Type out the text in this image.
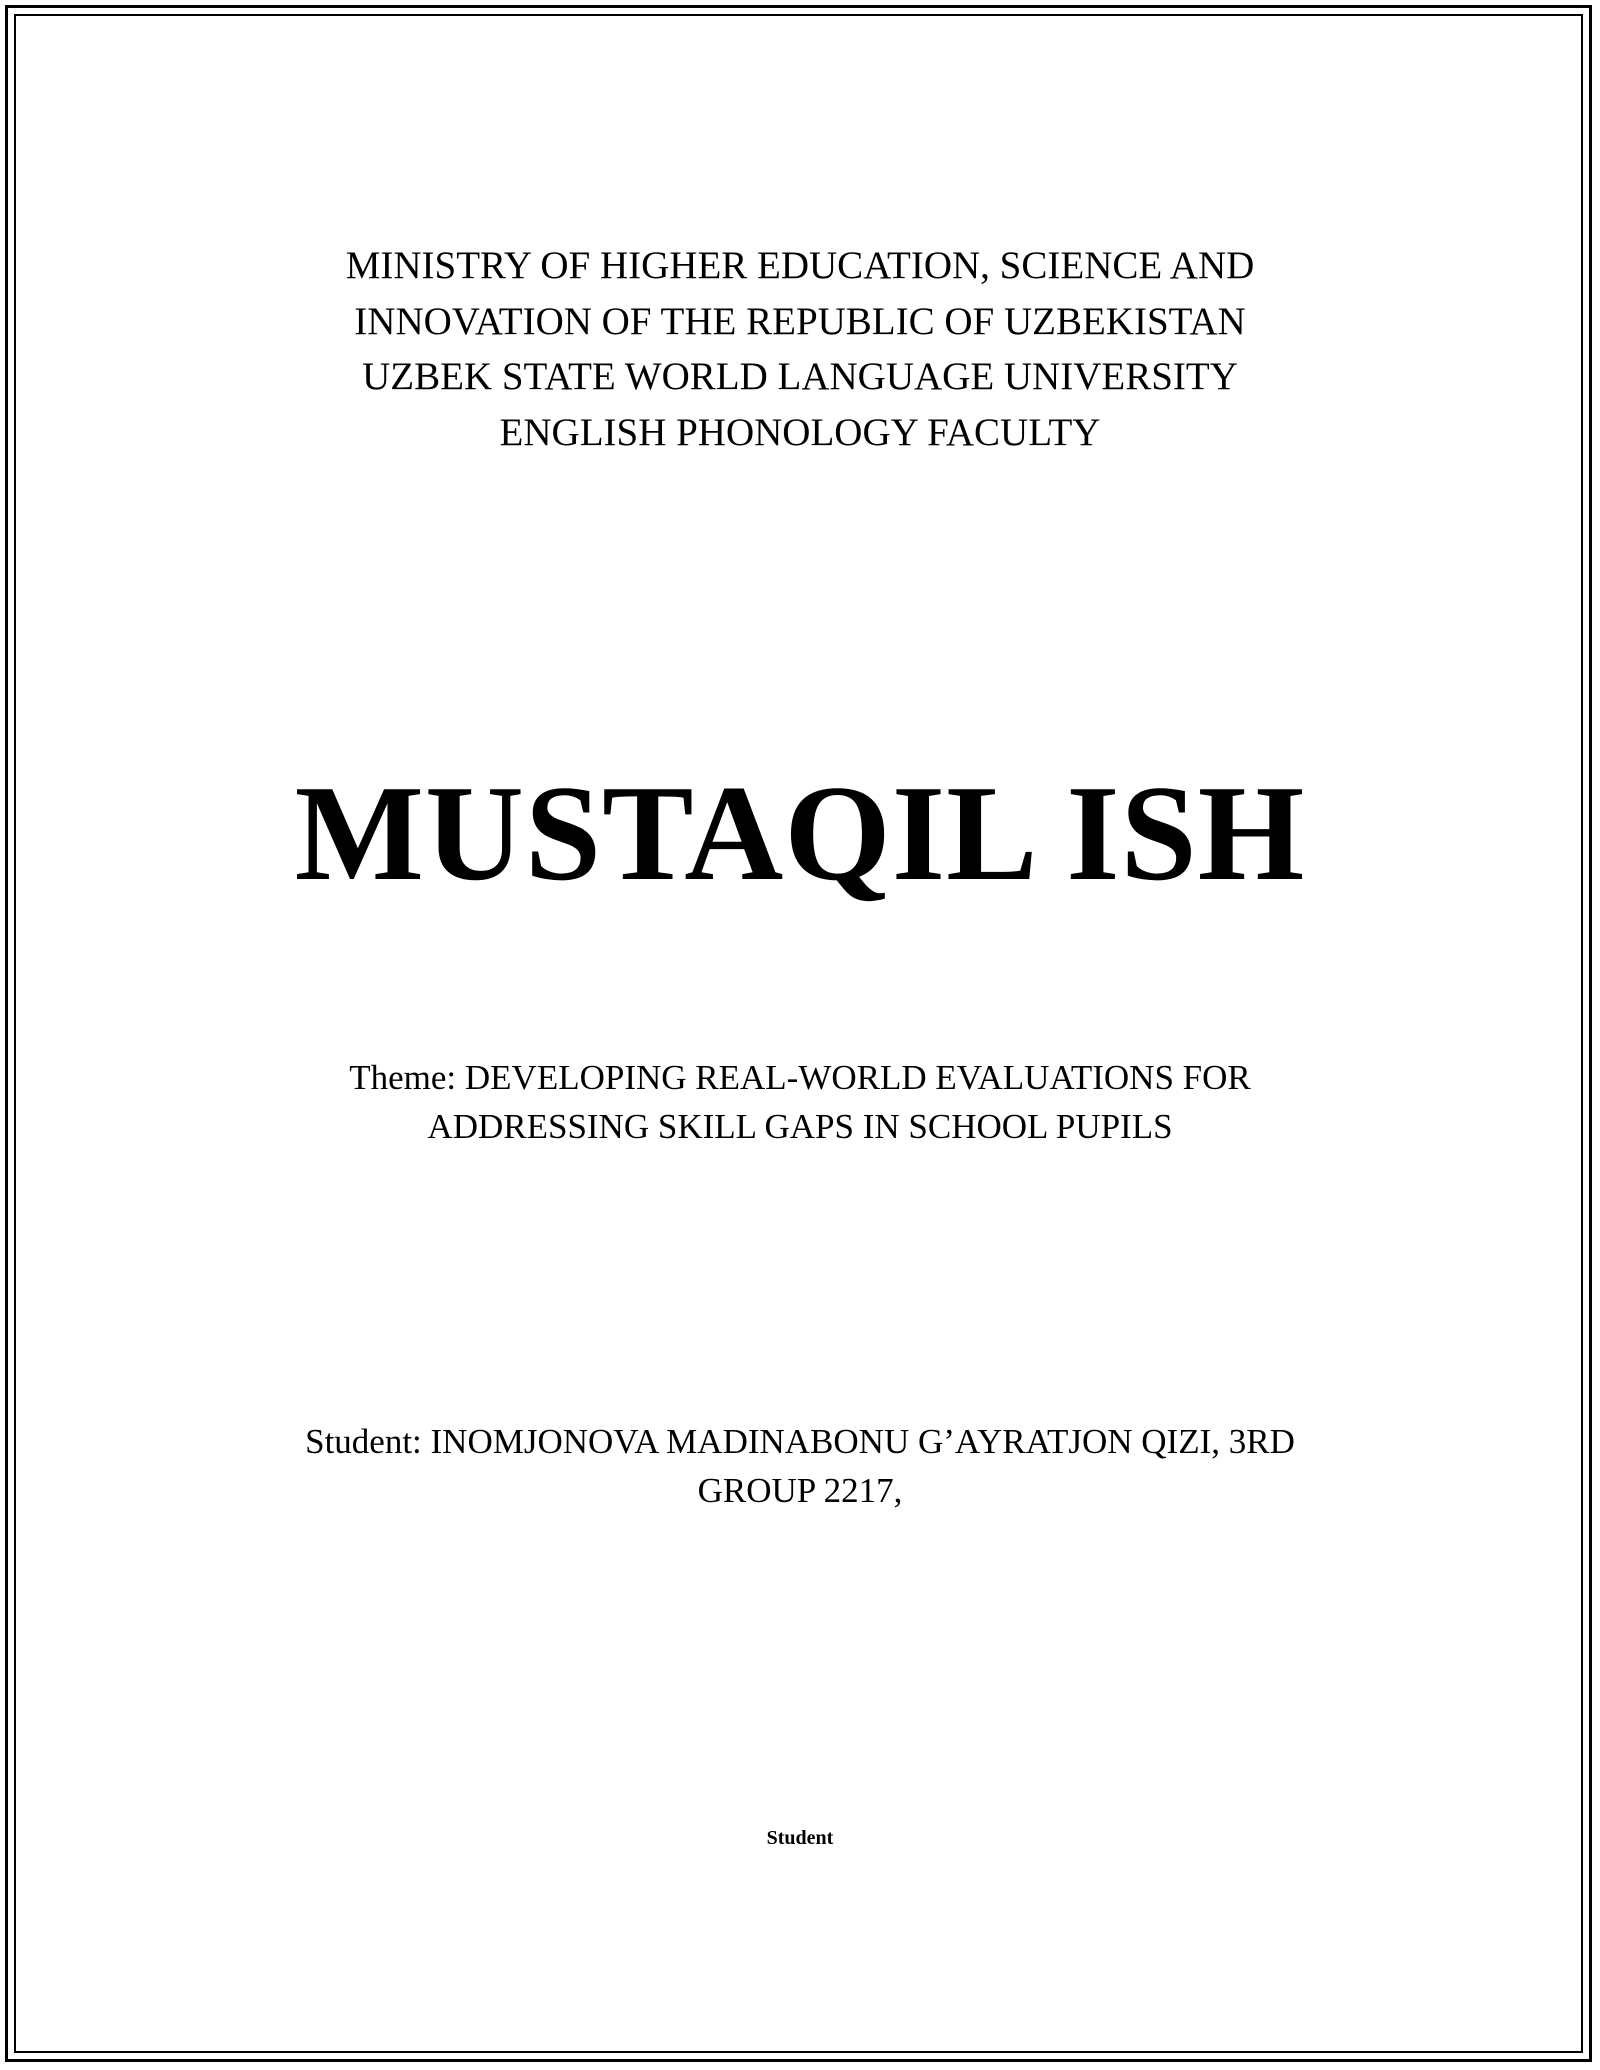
MINISTRY OF HIGHER EDUCATION, SCIENCE AND
INNOVATION OF THE REPUBLIC OF UZBEKISTAN
UZBEK STATE WORLD LANGUAGE UNIVERSITY
ENGLISH PHONOLOGY FACULTY
MUSTAQIL ISH
Theme: DEVELOPING REAL-WORLD EVALUATIONS FOR
ADDRESSING SKILL GAPS IN SCHOOL PUPILS
Student: INOMJONOVA MADINABONU G’AYRATJON QIZI, 3RD
GROUP 2217,
Student
